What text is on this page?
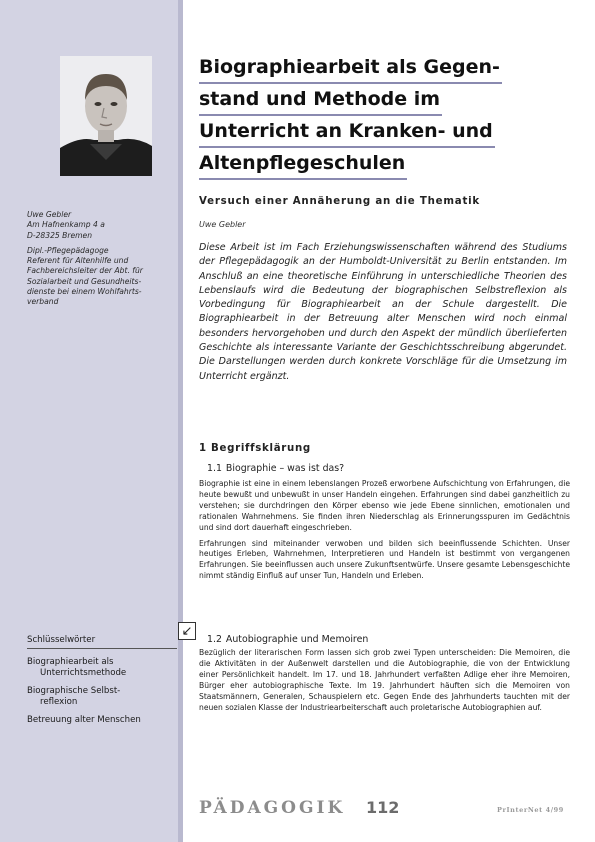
Uwe Gebler
Am Hafnenkamp 4 a
D-28325 Bremen

Dipl.-Pflegepädagoge
Referent für Altenhilfe und
Fachbereichsleiter der Abt. für
Sozialarbeit und Gesundheits-
dienste bei einem Wohlfahrts-
verband

Schlüsselwörter
Biographiearbeit als
Unterrichtsmethode
Biographische Selbst-
reflexion
Betreuung alter Menschen
Biographiearbeit als Gegen-
stand und Methode im
Unterricht an Kranken- und
Altenpflegeschulen
Versuch einer Annäherung an die Thematik
Uwe Gebler
Diese Arbeit ist im Fach Erziehungswissenschaften während des Studiums der Pflegepädagogik an der Humboldt-Universität zu Berlin entstanden. Im Anschluß an eine theoretische Einführung in unterschiedliche Theorien des Lebenslaufs wird die Bedeutung der biographischen Selbstreflexion als Vorbedingung für Biographiearbeit an der Schule dargestellt. Die Biographiearbeit in der Betreuung alter Menschen wird noch einmal besonders hervorgehoben und durch den Aspekt der mündlich überlieferten Geschichte als interessante Variante der Geschichtsschreibung abgerundet. Die Darstellungen werden durch konkrete Vorschläge für die Umsetzung im Unterricht ergänzt.
1 Begriffsklärung
1.1 Biographie – was ist das?

Biographie ist eine in einem lebenslangen Prozeß erworbene Aufschichtung von Erfahrungen, die heute bewußt und unbewußt in unser Handeln eingehen. Erfahrungen sind dabei ganzheitlich zu verstehen; sie durchdringen den Körper ebenso wie jede Ebene sinnlichen, emotionalen und rationalen Wahrnehmens. Sie finden ihren Niederschlag als Erinnerungsspuren im Gedächtnis und sind dort dauerhaft eingeschrieben.

Erfahrungen sind miteinander verwoben und bilden sich beeinflussende Schichten. Unser heutiges Erleben, Wahrnehmen, Interpretieren und Handeln ist bestimmt von vergangenen Erfahrungen. Sie beeinflussen auch unsere Zukunftsentwürfe. Unsere gesamte Lebensgeschichte nimmt ständig Einfluß auf unser Tun, Handeln und Erleben.

↙
1.2 Autobiographie und Memoiren

Bezüglich der literarischen Form lassen sich grob zwei Typen unterscheiden: Die Memoiren, die die Aktivitäten in der Außenwelt darstellen und die Autobiographie, die von der Entwicklung einer Persönlichkeit handelt. Im 17. und 18. Jahrhundert verfaßten Adlige eher ihre Memoiren, Bürger eher autobiographische Texte. Im 19. Jahrhundert häuften sich die Memoiren von Staatsmännern, Generalen, Schauspielern etc. Gegen Ende des Jahrhunderts tauchten mit der neuen sozialen Klasse der Industriearbeiterschaft auch proletarische Autobiographien auf.

PÄDAGOGIK 112	PrInterNet 4/99
